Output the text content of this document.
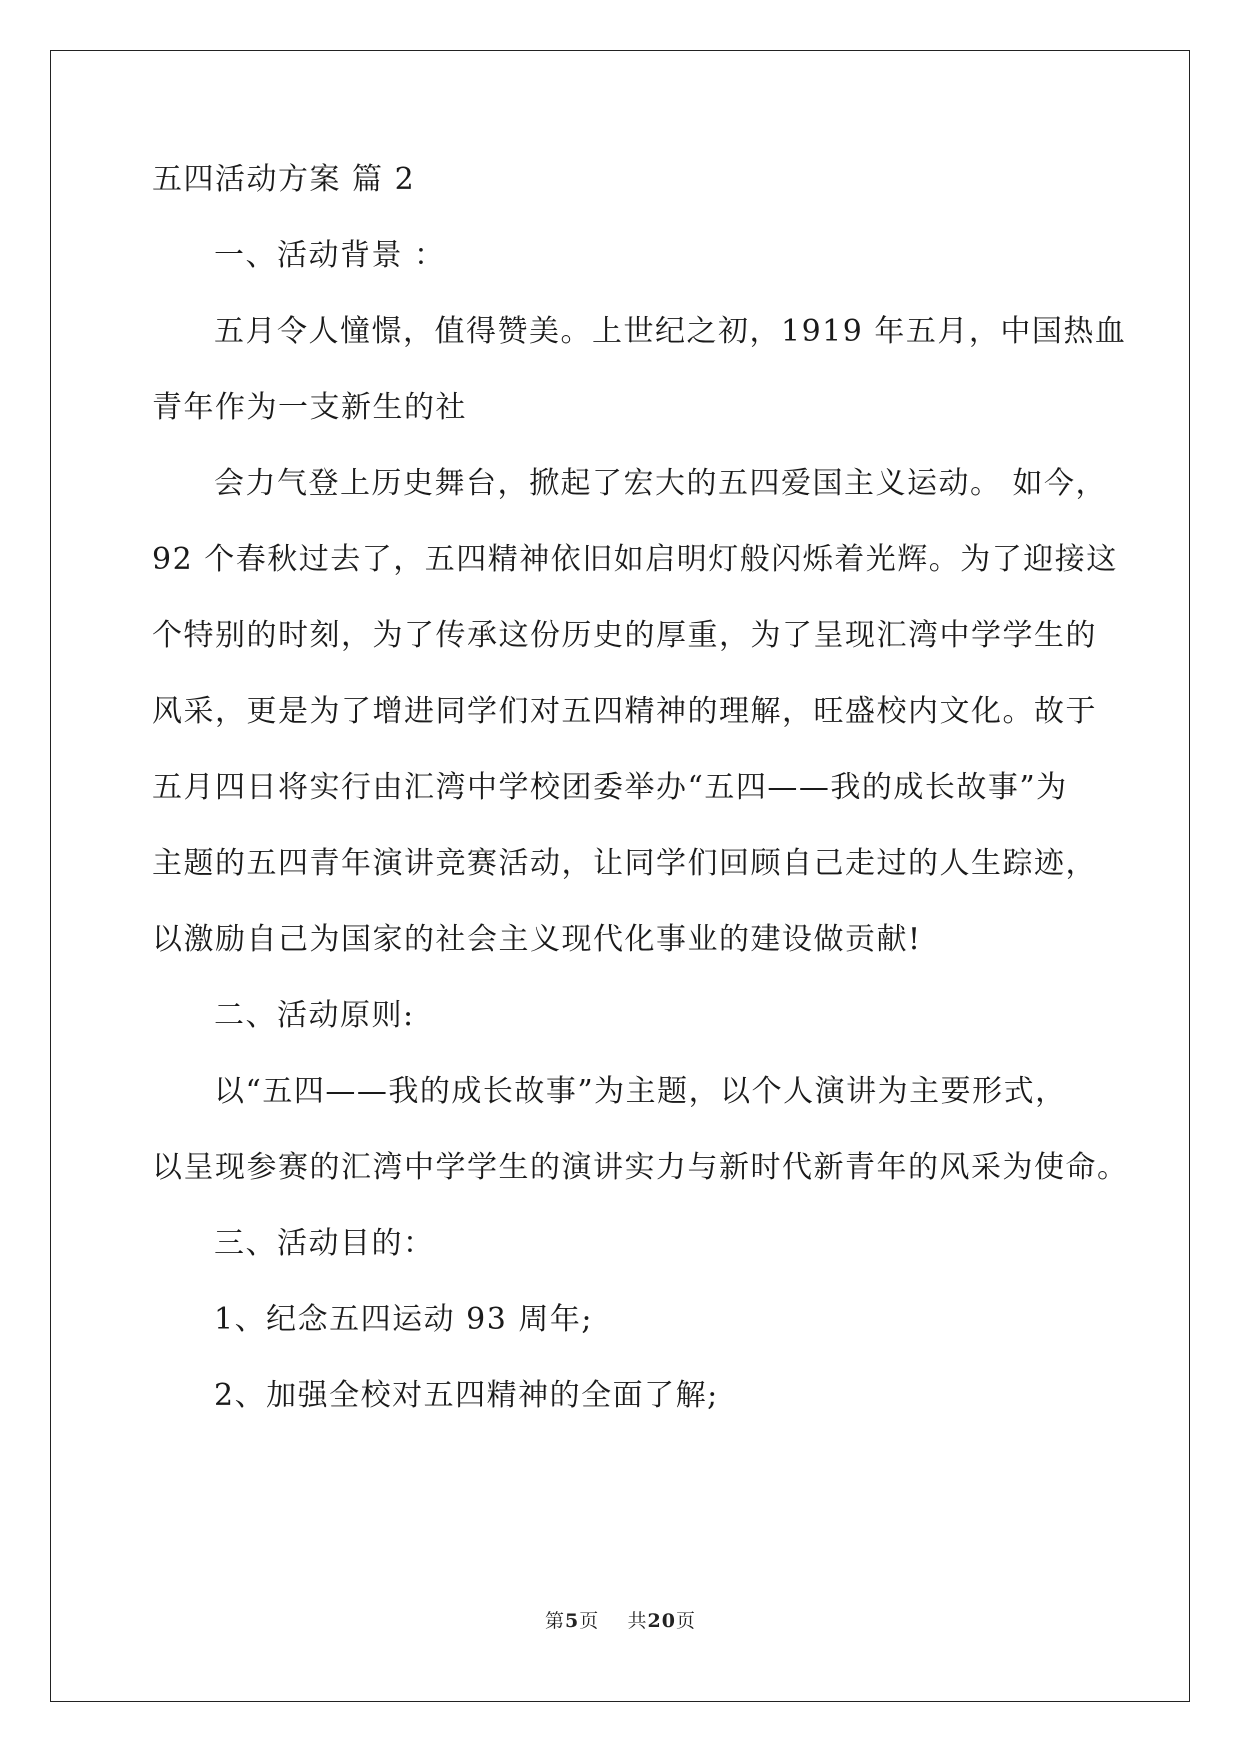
五四活动方案 篇 2
一、活动背景 ：
五月令人憧憬，值得赞美。上世纪之初，1919 年五月，中国热血
青年作为一支新生的社
会力气登上历史舞台，掀起了宏大的五四爱国主义运动。 如今，
92 个春秋过去了，五四精神依旧如启明灯般闪烁着光辉。为了迎接这
个特别的时刻，为了传承这份历史的厚重，为了呈现汇湾中学学生的
风采，更是为了增进同学们对五四精神的理解，旺盛校内文化。故于
五月四日将实行由汇湾中学校团委举办“五四——我的成长故事”为
主题的五四青年演讲竞赛活动，让同学们回顾自己走过的人生踪迹，
以激励自己为国家的社会主义现代化事业的建设做贡献!
二、活动原则:
以“五四——我的成长故事”为主题，以个人演讲为主要形式，
以呈现参赛的汇湾中学学生的演讲实力与新时代新青年的风采为使命。
三、活动目的：
1、纪念五四运动 93 周年;
2、加强全校对五四精神的全面了解;
第5页 共20页
